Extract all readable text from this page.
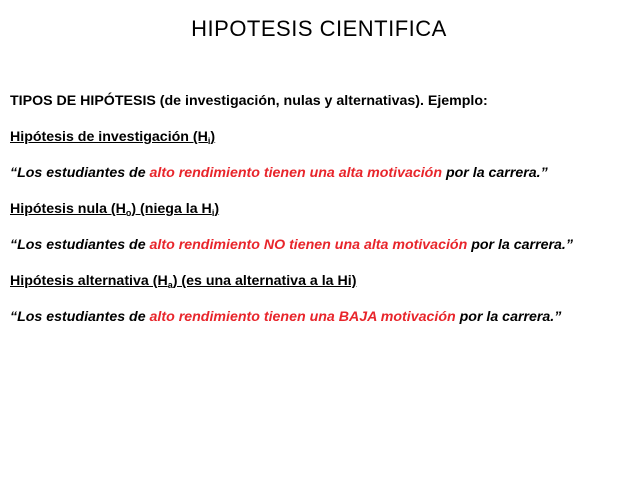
HIPOTESIS CIENTIFICA

TIPOS DE HIPÓTESIS (de investigación, nulas y alternativas). Ejemplo:

Hipótesis de investigación $(H_i)$

“Los estudiantes de alto rendimiento tienen una alta motivación por la carrera.”

Hipótesis nula $(H_o)$ (niega la $H_i$)

“Los estudiantes de alto rendimiento NO tienen una alta motivación por la carrera.”

Hipótesis alternativa $(H_a)$ (es una alternativa a la Hi)

“Los estudiantes de alto rendimiento tienen una BAJA motivación por la carrera.”
